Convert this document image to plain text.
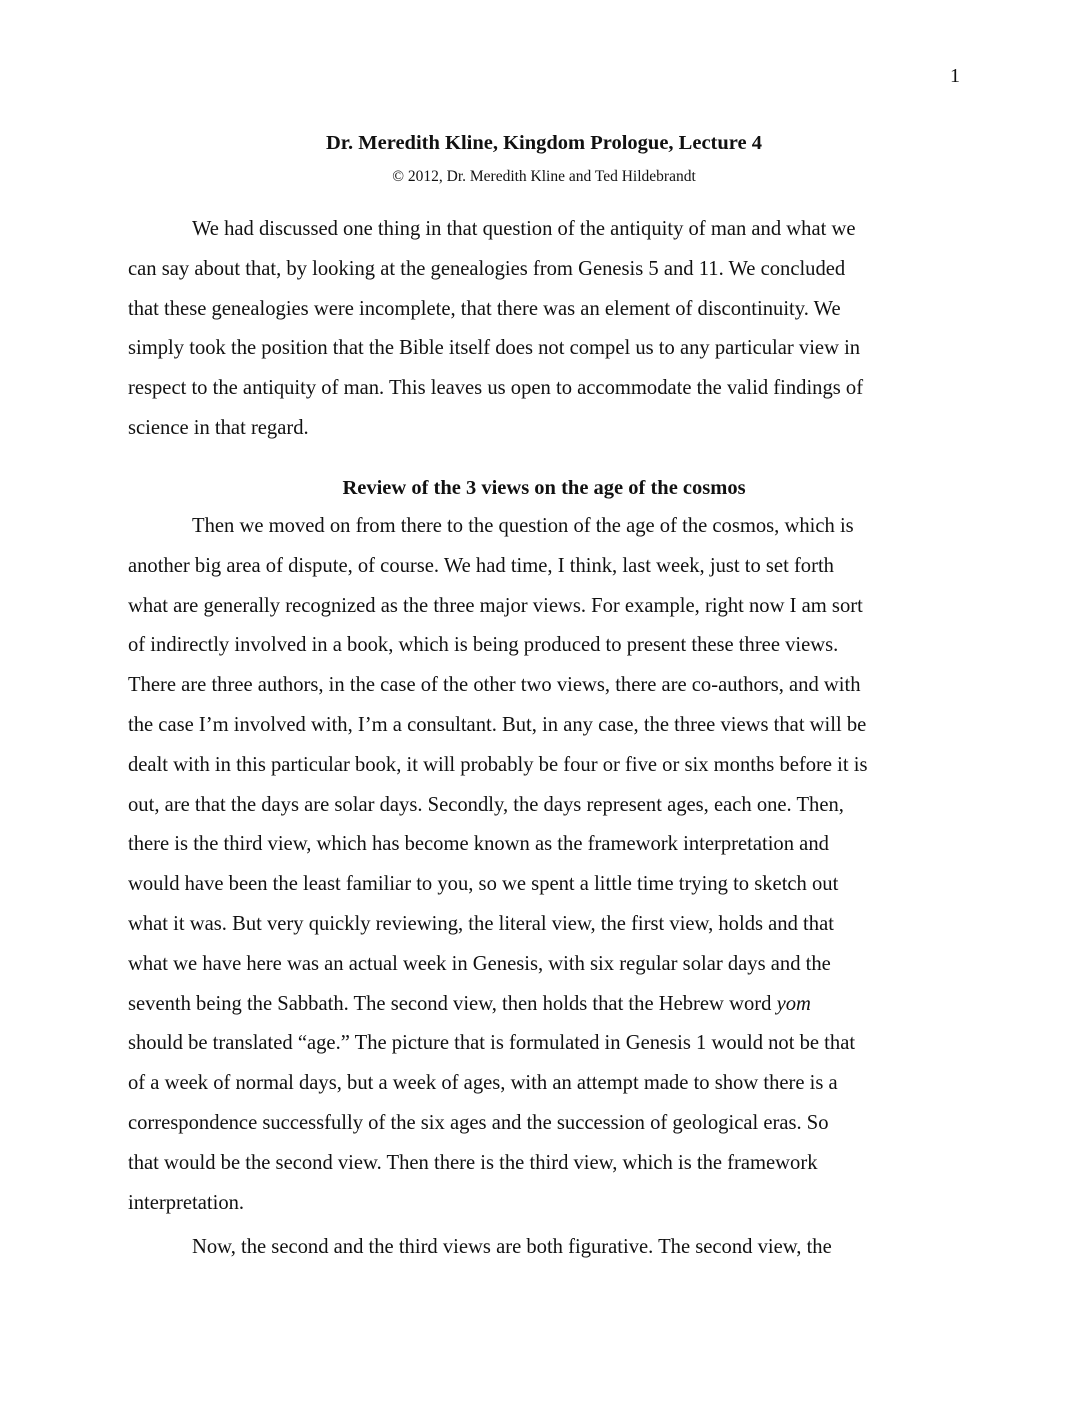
1
Dr. Meredith Kline, Kingdom Prologue, Lecture 4
© 2012, Dr. Meredith Kline and Ted Hildebrandt
We had discussed one thing in that question of the antiquity of man and what we
can say about that, by looking at the genealogies from Genesis 5 and 11. We concluded
that these genealogies were incomplete, that there was an element of discontinuity. We
simply took the position that the Bible itself does not compel us to any particular view in
respect to the antiquity of man. This leaves us open to accommodate the valid findings of
science in that regard.
Review of the 3 views on the age of the cosmos
Then we moved on from there to the question of the age of the cosmos, which is
another big area of dispute, of course. We had time, I think, last week, just to set forth
what are generally recognized as the three major views. For example, right now I am sort
of indirectly involved in a book, which is being produced to present these three views.
There are three authors, in the case of the other two views, there are co-authors, and with
the case I’m involved with, I’m a consultant. But, in any case, the three views that will be
dealt with in this particular book, it will probably be four or five or six months before it is
out, are that the days are solar days. Secondly, the days represent ages, each one. Then,
there is the third view, which has become known as the framework interpretation and
would have been the least familiar to you, so we spent a little time trying to sketch out
what it was. But very quickly reviewing, the literal view, the first view, holds and that
what we have here was an actual week in Genesis, with six regular solar days and the
seventh being the Sabbath. The second view, then holds that the Hebrew word yom
should be translated “age.” The picture that is formulated in Genesis 1 would not be that
of a week of normal days, but a week of ages, with an attempt made to show there is a
correspondence successfully of the six ages and the succession of geological eras. So
that would be the second view. Then there is the third view, which is the framework
interpretation.
Now, the second and the third views are both figurative. The second view, the
